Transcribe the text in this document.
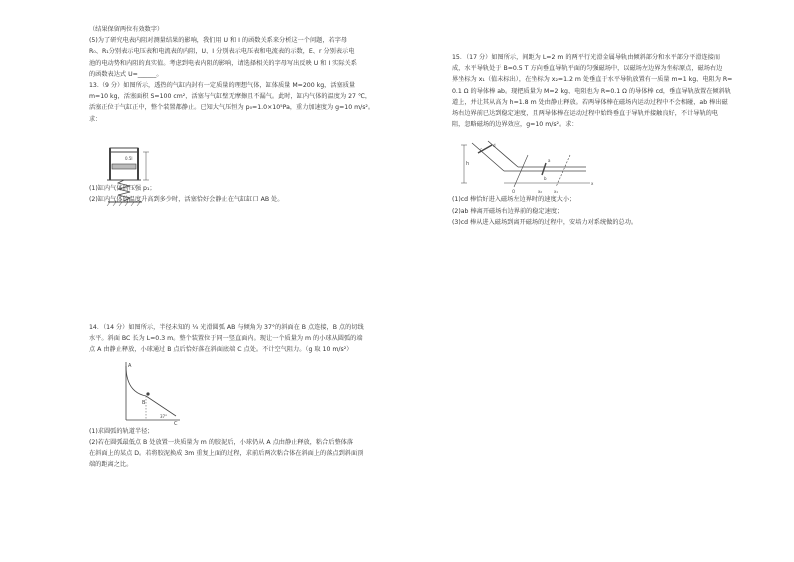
（结果保留两位有效数字）

(5)为了研究电表内阻对测量结果的影响，我们用 U 和 I 的函数关系来分析这一个问题，若字母

R₀、R₁分别表示电压表和电流表的内阻，U、I 分别表示电压表和电流表的示数，E、r 分别表示电

池的电动势和内阻的真实值。考虑到电表内阻的影响，请选择相关的字母写出反映 U 和 I 实际关系

的函数表达式 U=______。

13.（9 分）如图所示，透热的气缸内封有一定质量的理想气体，缸体质量 M=200 kg，活塞质量

m=10 kg，活塞面积 S=100 cm²，活塞与气缸壁无摩擦且不漏气。此时，缸内气体的温度为 27 ℃，

活塞正位于气缸正中，整个装置都静止。已知大气压恒为 p₀=1.0×10⁵Pa，重力加速度为 g=10 m/s²。

求：

(1)缸内气体的压强 p₁；

(2)缸内气体的温度升高到多少时，活塞恰好会静止在气缸缸口 AB 处。

0.5l

14．（14 分）如图所示，半径未知的 ¼ 光滑圆弧 AB 与倾角为 37°的斜面在 B 点连接，B 点的切线

水平。斜面 BC 长为 L=0.3 m。整个装置位于同一竖直面内。现让一个质量为 m 的小球从圆弧的端

点 A 由静止释放，小球通过 B 点后恰好落在斜面底端 C 点处。不计空气阻力。（g 取 10 m/s²）

(1)求圆弧的轨道半径；

(2)若在圆弧最低点 B 处放置一块质量为 m 的胶泥后，小球仍从 A 点由静止释放，粘合后整体落

在斜面上的某点 D。若将胶泥换成 3m 重复上面的过程，求前后两次粘合体在斜面上的落点到斜面顶

端的距离之比。

A
B
C
37°

15．（17 分）如图所示，间距为 L=2 m 的两平行光滑金属导轨由倾斜部分和水平部分平滑连接而

成，水平导轨处于 B=0.5 T 方向垂直导轨平面的匀强磁场中，以磁场左边界为坐标原点，磁场右边

界坐标为 x₁（值未标出），在坐标为 x₂=1.2 m 处垂直于水平导轨放置有一质量 m=1 kg、电阻为 R=

0.1 Ω 的导体棒 ab。现把质量为 M=2 kg、电阻也为 R=0.1 Ω 的导体棒 cd，垂直导轨放置在倾斜轨

道上，并让其从高为 h=1.8 m 处由静止释放。若两导体棒在磁场内运动过程中不会相碰，ab 棒出磁

场右边界前已达到稳定速度，且两导体棒在运动过程中始终垂直于导轨并接触良好，不计导轨的电

阻，忽略磁场的边界效应，g=10 m/s²。求：

(1)cd 棒恰好进入磁场左边界时的速度大小；

(2)ab 棒离开磁场右边界前的稳定速度；

(3)cd 棒从进入磁场到离开磁场的过程中，安培力对系统做的总功。

h
c
d
a
b
O	x₁
x₂
x
